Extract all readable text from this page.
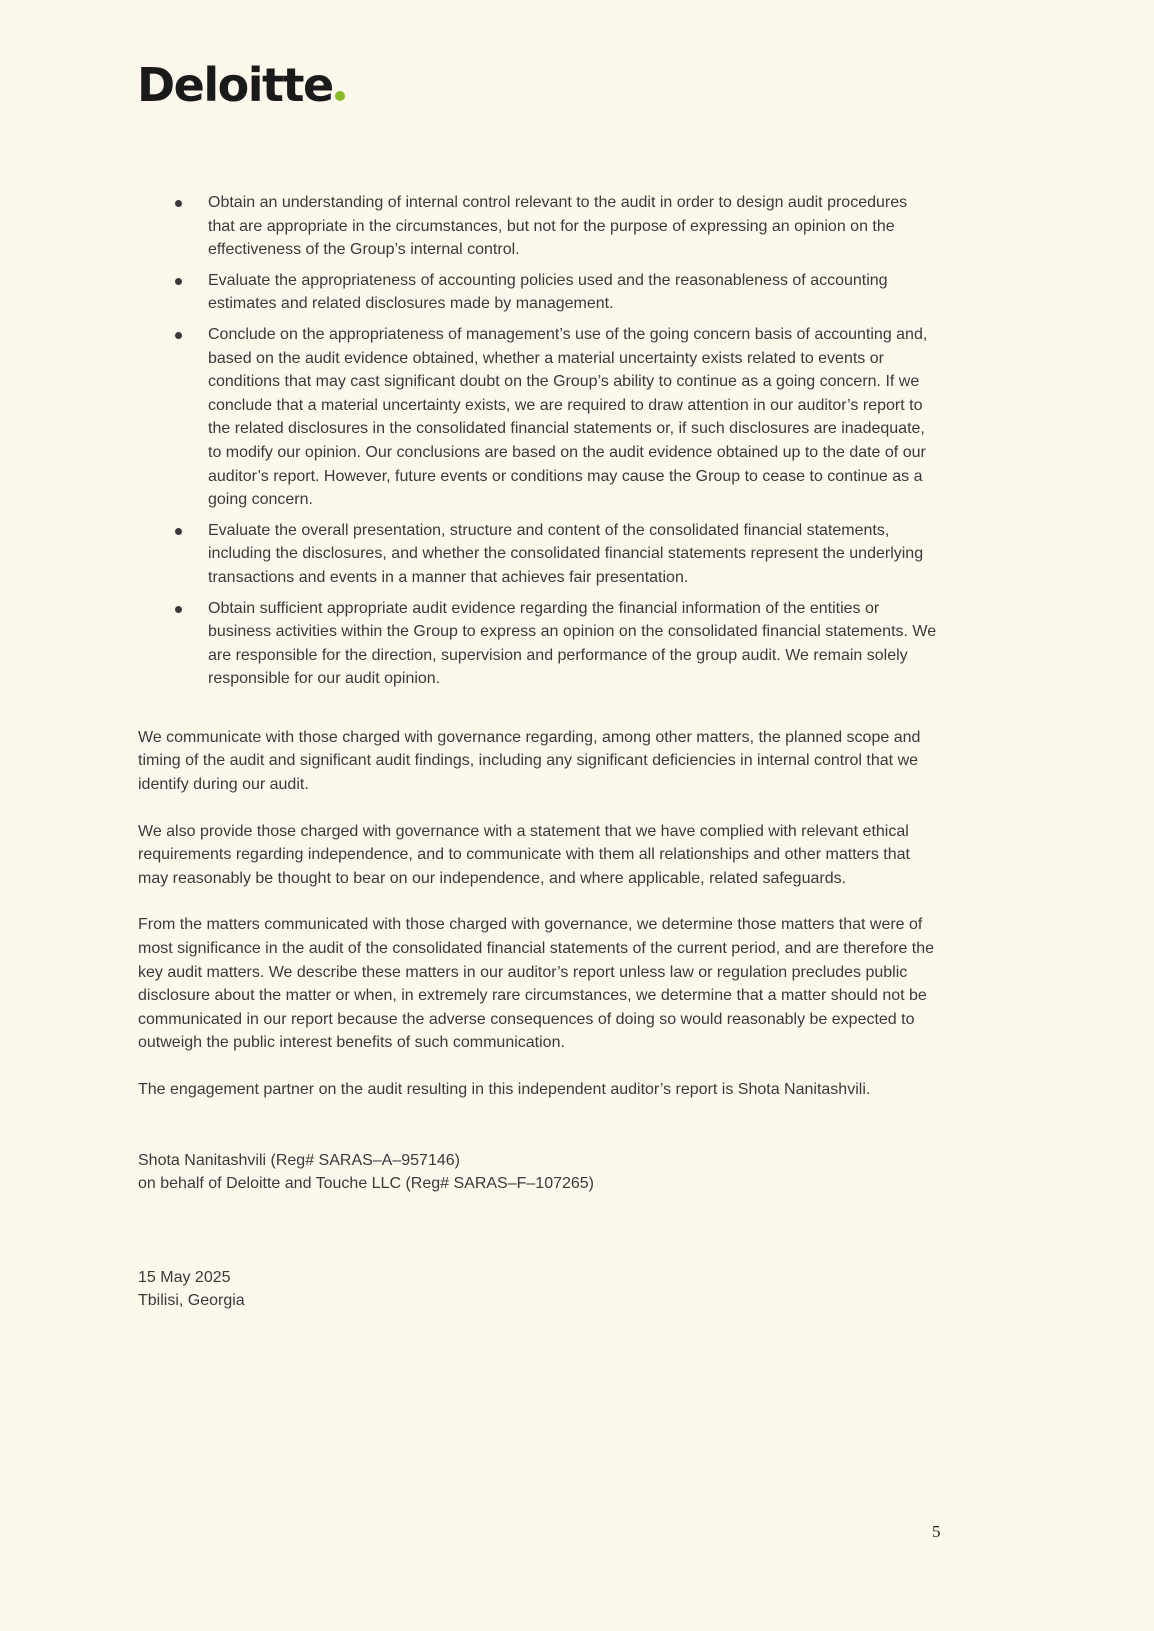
Deloitte
Obtain an understanding of internal control relevant to the audit in order to design audit procedures that are appropriate in the circumstances, but not for the purpose of expressing an opinion on the effectiveness of the Group’s internal control.
Evaluate the appropriateness of accounting policies used and the reasonableness of accounting estimates and related disclosures made by management.
Conclude on the appropriateness of management’s use of the going concern basis of accounting and, based on the audit evidence obtained, whether a material uncertainty exists related to events or conditions that may cast significant doubt on the Group’s ability to continue as a going concern. If we conclude that a material uncertainty exists, we are required to draw attention in our auditor’s report to the related disclosures in the consolidated financial statements or, if such disclosures are inadequate, to modify our opinion. Our conclusions are based on the audit evidence obtained up to the date of our auditor’s report. However, future events or conditions may cause the Group to cease to continue as a going concern.
Evaluate the overall presentation, structure and content of the consolidated financial statements, including the disclosures, and whether the consolidated financial statements represent the underlying transactions and events in a manner that achieves fair presentation.
Obtain sufficient appropriate audit evidence regarding the financial information of the entities or business activities within the Group to express an opinion on the consolidated financial statements. We are responsible for the direction, supervision and performance of the group audit. We remain solely responsible for our audit opinion.

We communicate with those charged with governance regarding, among other matters, the planned scope and timing of the audit and significant audit findings, including any significant deficiencies in internal control that we identify during our audit.

We also provide those charged with governance with a statement that we have complied with relevant ethical requirements regarding independence, and to communicate with them all relationships and other matters that may reasonably be thought to bear on our independence, and where applicable, related safeguards.

From the matters communicated with those charged with governance, we determine those matters that were of most significance in the audit of the consolidated financial statements of the current period, and are therefore the key audit matters. We describe these matters in our auditor’s report unless law or regulation precludes public disclosure about the matter or when, in extremely rare circumstances, we determine that a matter should not be communicated in our report because the adverse consequences of doing so would reasonably be expected to outweigh the public interest benefits of such communication.

The engagement partner on the audit resulting in this independent auditor’s report is Shota Nanitashvili.

Shota Nanitashvili (Reg# SARAS–A–957146)
on behalf of Deloitte and Touche LLC (Reg# SARAS–F–107265)
15 May 2025
Tbilisi, Georgia
5
